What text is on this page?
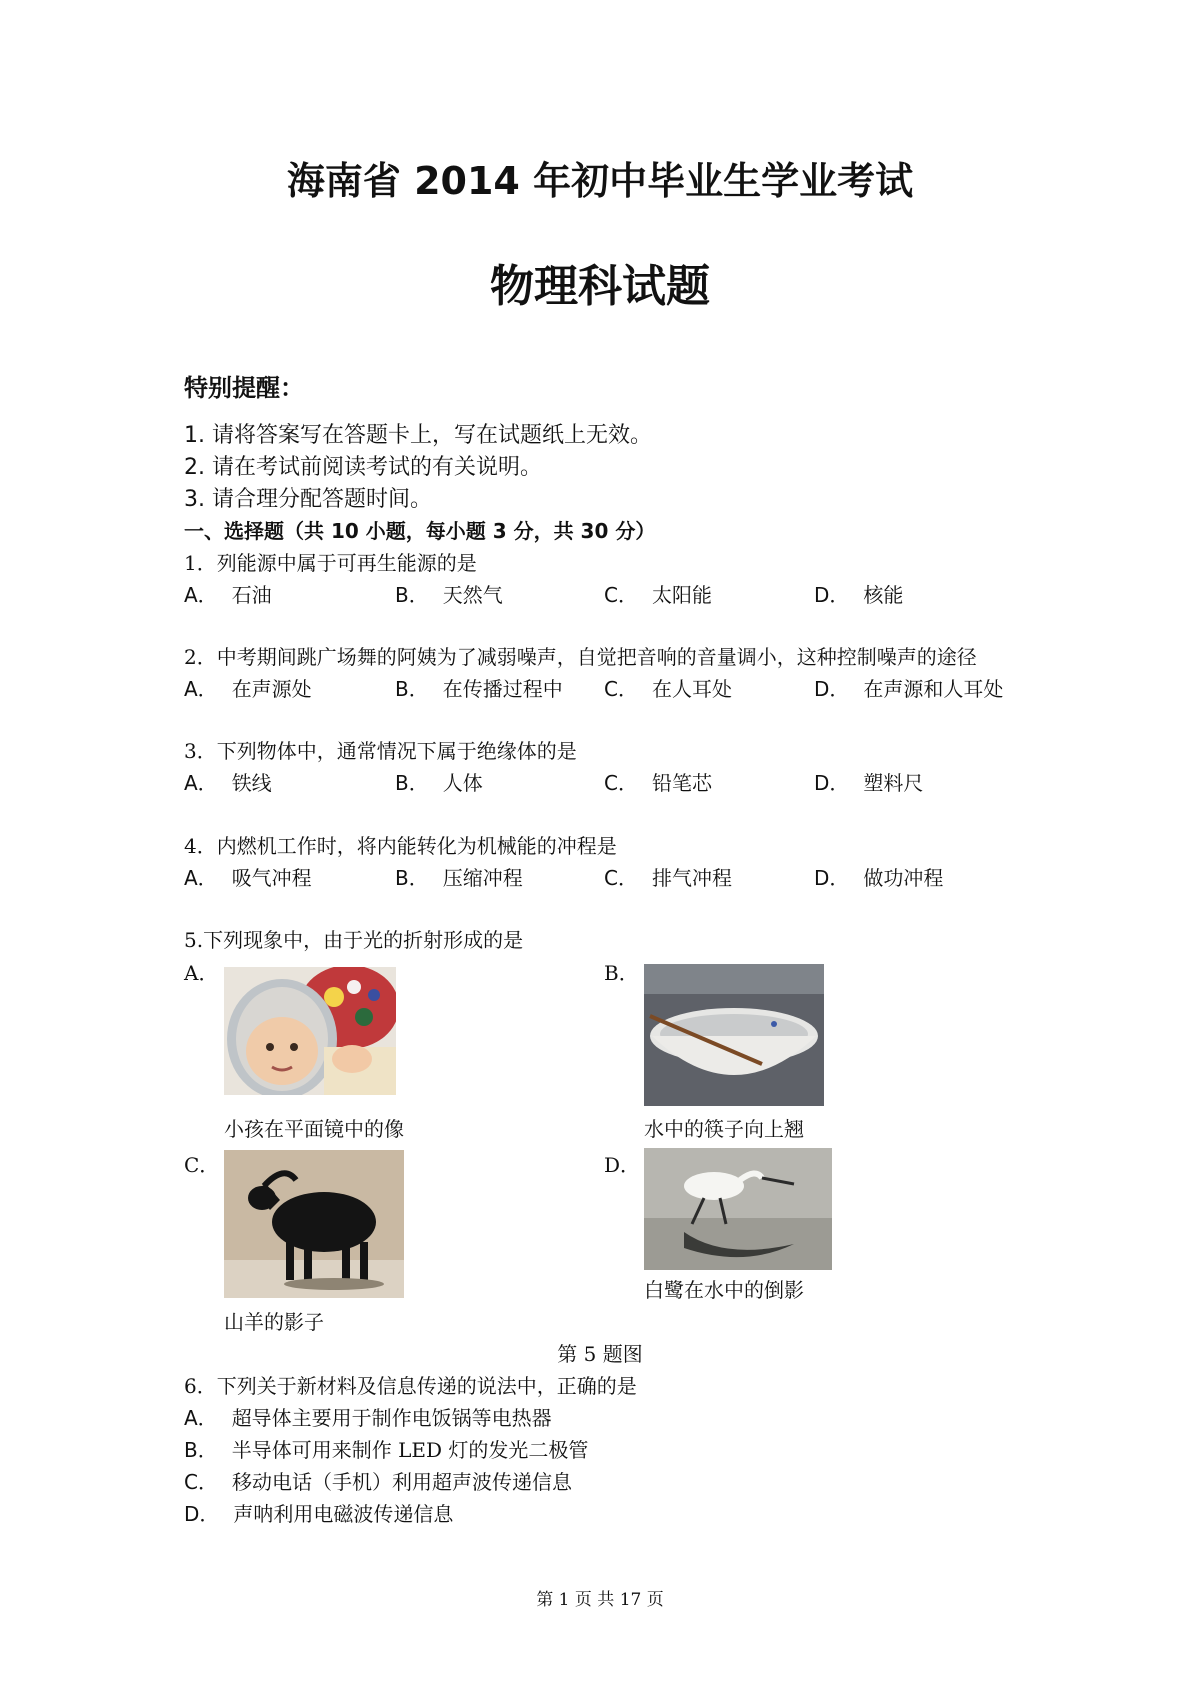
海南省 2014 年初中毕业生学业考试
物理科试题
特别提醒：
1. 请将答案写在答题卡上，写在试题纸上无效。
2. 请在考试前阅读考试的有关说明。
3. 请合理分配答题时间。
一、选择题（共 10 小题，每小题 3 分，共 30 分）
1．列能源中属于可再生能源的是
A． 石油	B． 天然气	C． 太阳能	D． 核能
2．中考期间跳广场舞的阿姨为了减弱噪声，自觉把音响的音量调小，这种控制噪声的途径
A． 在声源处	B． 在传播过程中 C． 在人耳处	D． 在声源和人耳处
3．下列物体中，通常情况下属于绝缘体的是
A． 铁线	B． 人体	C． 铅笔芯	D． 塑料尺
4．内燃机工作时，将内能转化为机械能的冲程是
A． 吸气冲程	B． 压缩冲程	C． 排气冲程	D． 做功冲程
5.下列现象中，由于光的折射形成的是
A．
小孩在平面镜中的像
B．
水中的筷子向上翘
C．
山羊的影子
D．
白鹭在水中的倒影
第 5 题图
6．下列关于新材料及信息传递的说法中，正确的是
A． 超导体主要用于制作电饭锅等电热器
B． 半导体可用来制作 LED 灯的发光二极管
C． 移动电话（手机）利用超声波传递信息
D． 声呐利用电磁波传递信息
第 1 页 共 17 页
